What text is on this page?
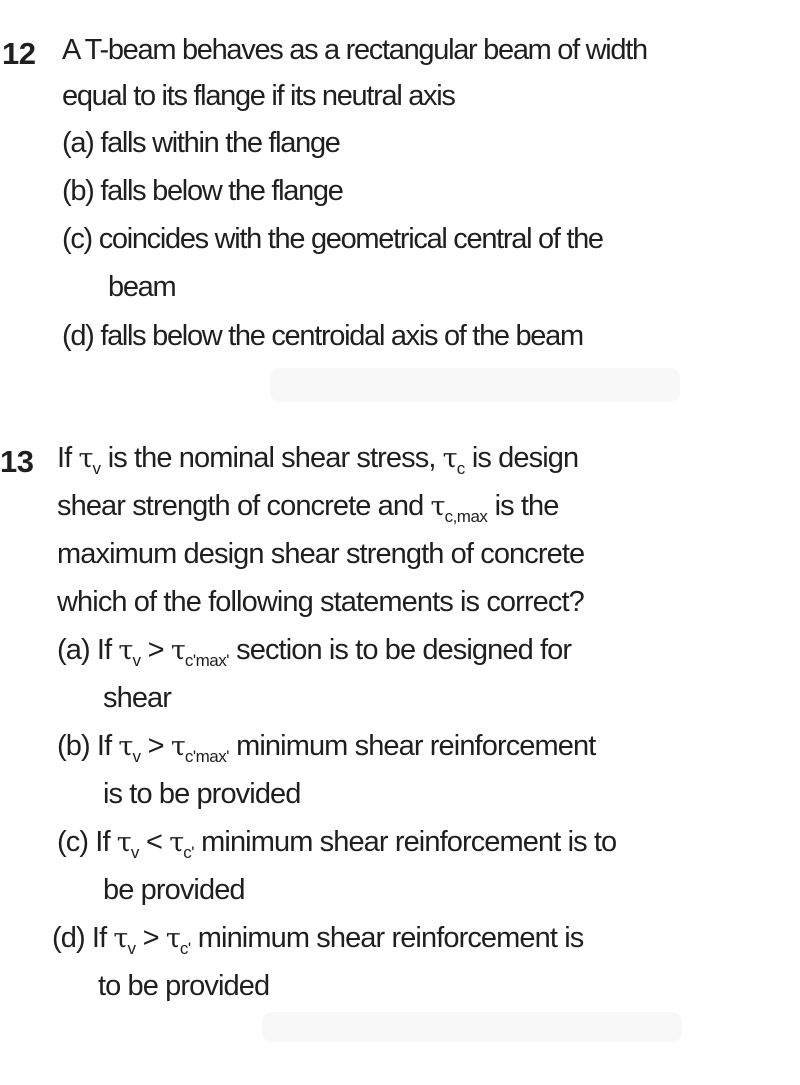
12 A T-beam behaves as a rectangular beam of width
equal to its flange if its neutral axis
(a) falls within the flange
(b) falls below the flange
(c) coincides with the geometrical central of the
beam
(d) falls below the centroidal axis of the beam
13 If $\tau_v$ is the nominal shear stress, $\tau_c$ is design
shear strength of concrete and $\tau_{c,max}$ is the
maximum design shear strength of concrete
which of the following statements is correct?
(a) If $\tau_v > \tau_{c'max'}$ section is to be designed for
shear
(b) If $\tau_v > \tau_{c'max'}$ minimum shear reinforcement
is to be provided
(c) If $\tau_v < \tau_{c'}$ minimum shear reinforcement is to
be provided
(d) If $\tau_v > \tau_{c'}$ minimum shear reinforcement is
to be provided
